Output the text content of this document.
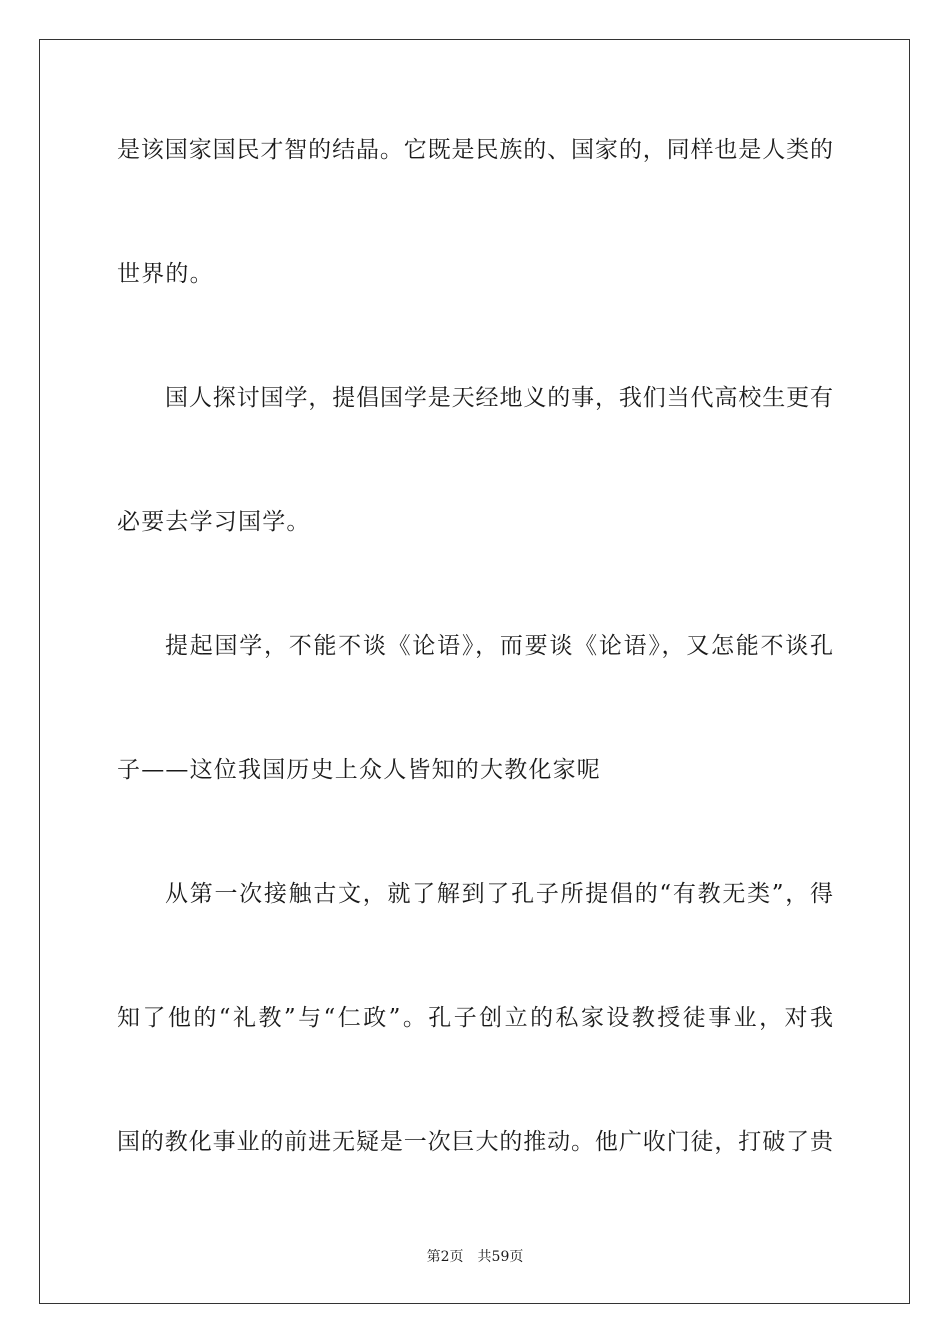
是该国家国民才智的结晶。它既是民族的、国家的，同样也是人类的
世界的。
国人探讨国学，提倡国学是天经地义的事，我们当代高校生更有
必要去学习国学。
提起国学，不能不谈《论语》，而要谈《论语》，又怎能不谈孔
子——这位我国历史上众人皆知的大教化家呢
从第一次接触古文，就了解到了孔子所提倡的“有教无类”，得
知了他的“礼教”与“仁政”。孔子创立的私家设教授徒事业，对我
国的教化事业的前进无疑是一次巨大的推动。他广收门徒，打破了贵
第2页 共59页
